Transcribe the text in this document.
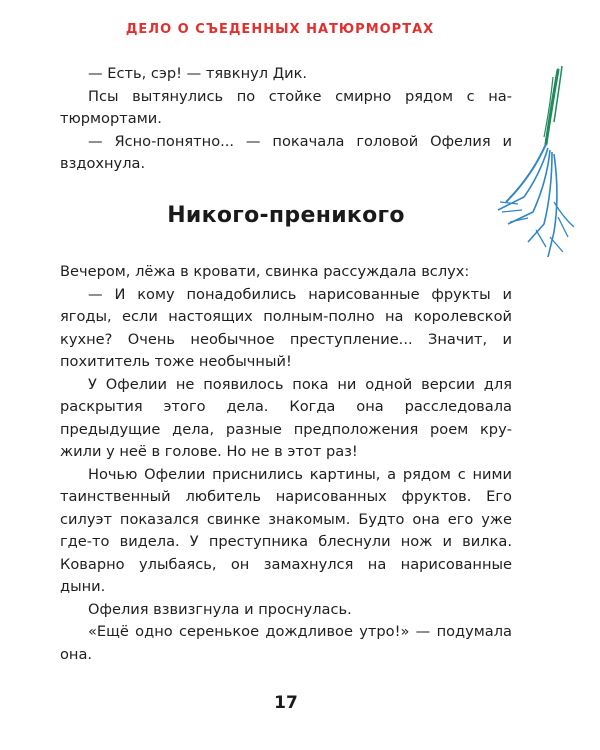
ДЕЛО О СЪЕДЕННЫХ НАТЮРМОРТАХ

— Есть, сэр! — тявкнул Дик.

Псы вытянулись по стойке смирно рядом с натюрмортами.

— Ясно-понятно... — покачала головой Офелия и вздохнула.

Никого-преникого

Вечером, лёжа в кровати, свинка рассуждала вслух:

— И кому понадобились нарисованные фрукты и ягоды, если настоящих полным-полно на королевской кухне? Очень необычное преступление... Значит, и похититель тоже необычный!

У Офелии не появилось пока ни одной версии для раскрытия этого дела. Когда она расследовала предыдущие дела, разные предположения роем кружили у неё в голове. Но не в этот раз!

Ночью Офелии приснились картины, а рядом с ними таинственный любитель нарисованных фруктов. Его силуэт показался свинке знакомым. Будто она его уже где-то видела. У преступника блеснули нож и вилка. Коварно улыбаясь, он замахнулся на нарисованные дыни.

Офелия взвизгнула и проснулась.

«Ещё одно серенькое дождливое утро!» — подумала она.

17
